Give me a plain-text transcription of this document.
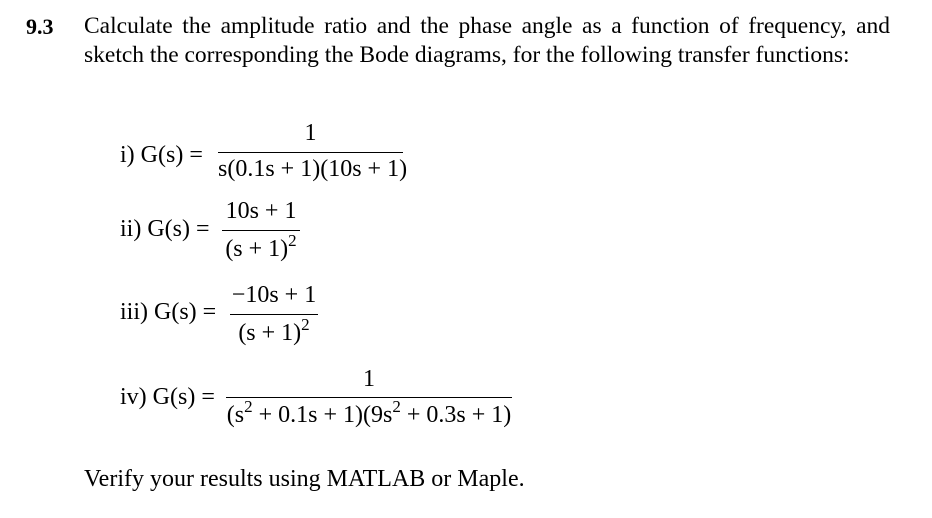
9.3 Calculate the amplitude ratio and the phase angle as a function of frequency, and sketch the corresponding the Bode diagrams, for the following transfer functions:
i) G(s) =
1
s(0.1s + 1)(10s + 1)
ii) G(s) =
10s + 1
$(s + 1)^2$
iii) G(s) =
−10s + 1
$(s + 1)^2$
iv) G(s) =
1
$(s^2 + 0.1s + 1)(9s^2 + 0.3s + 1)$
Verify your results using MATLAB or Maple.
